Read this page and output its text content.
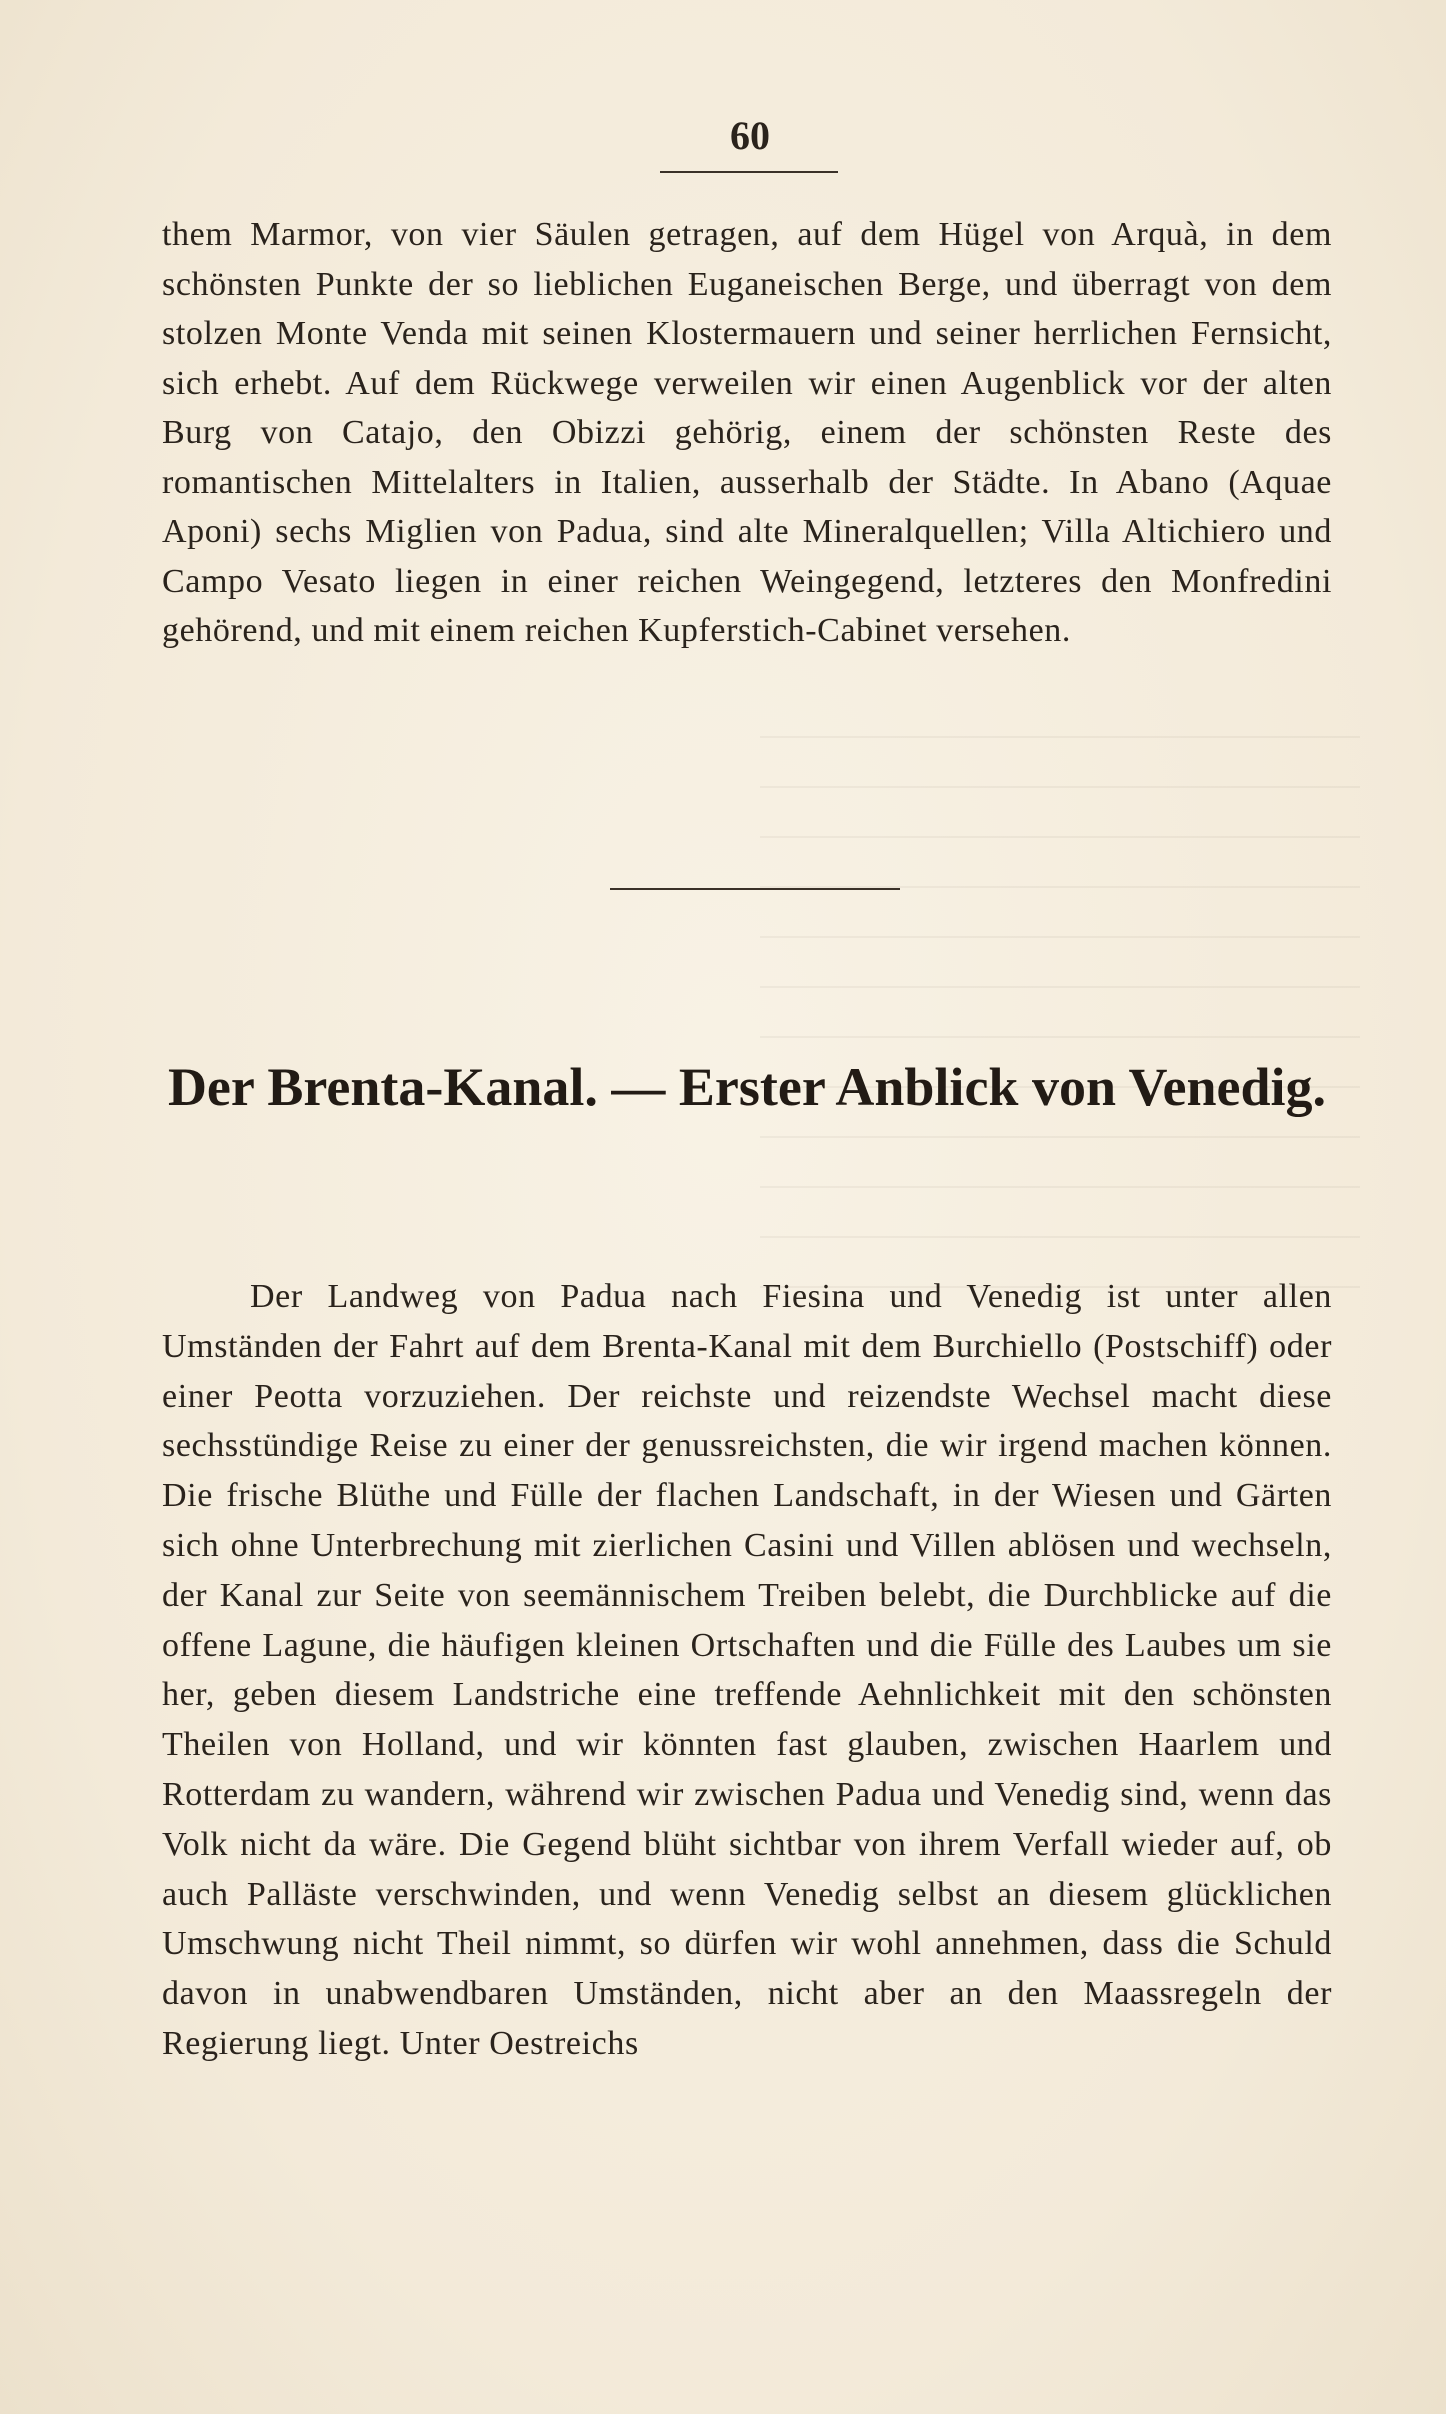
60

them Marmor, von vier Säulen getragen, auf dem Hügel von Arquà, in dem schönsten Punkte der so lieblichen Euganeischen Berge, und überragt von dem stolzen Monte Venda mit seinen Klostermauern und seiner herrlichen Fernsicht, sich erhebt. Auf dem Rückwege verweilen wir einen Augenblick vor der alten Burg von Catajo, den Obizzi gehörig, einem der schönsten Reste des romantischen Mittelalters in Italien, ausserhalb der Städte. In Abano (Aquae Aponi) sechs Miglien von Padua, sind alte Mineralquellen; Villa Altichiero und Campo Vesato liegen in einer reichen Weingegend, letzteres den Monfredini gehörend, und mit einem reichen Kupferstich-Cabinet versehen.

Der Brenta-Kanal. — Erster Anblick von Venedig.

Der Landweg von Padua nach Fiesina und Venedig ist unter allen Umständen der Fahrt auf dem Brenta-Kanal mit dem Burchiello (Postschiff) oder einer Peotta vorzuziehen. Der reichste und reizendste Wechsel macht diese sechsstündige Reise zu einer der genussreichsten, die wir irgend machen können. Die frische Blüthe und Fülle der flachen Landschaft, in der Wiesen und Gärten sich ohne Unterbrechung mit zierlichen Casini und Villen ablösen und wechseln, der Kanal zur Seite von seemännischem Treiben belebt, die Durchblicke auf die offene Lagune, die häufigen kleinen Ortschaften und die Fülle des Laubes um sie her, geben diesem Landstriche eine treffende Aehnlichkeit mit den schönsten Theilen von Holland, und wir könnten fast glauben, zwischen Haarlem und Rotterdam zu wandern, während wir zwischen Padua und Venedig sind, wenn das Volk nicht da wäre. Die Gegend blüht sichtbar von ihrem Verfall wieder auf, ob auch Palläste verschwinden, und wenn Venedig selbst an diesem glücklichen Umschwung nicht Theil nimmt, so dürfen wir wohl annehmen, dass die Schuld davon in unabwendbaren Umständen, nicht aber an den Maassregeln der Regierung liegt. Unter Oestreichs
